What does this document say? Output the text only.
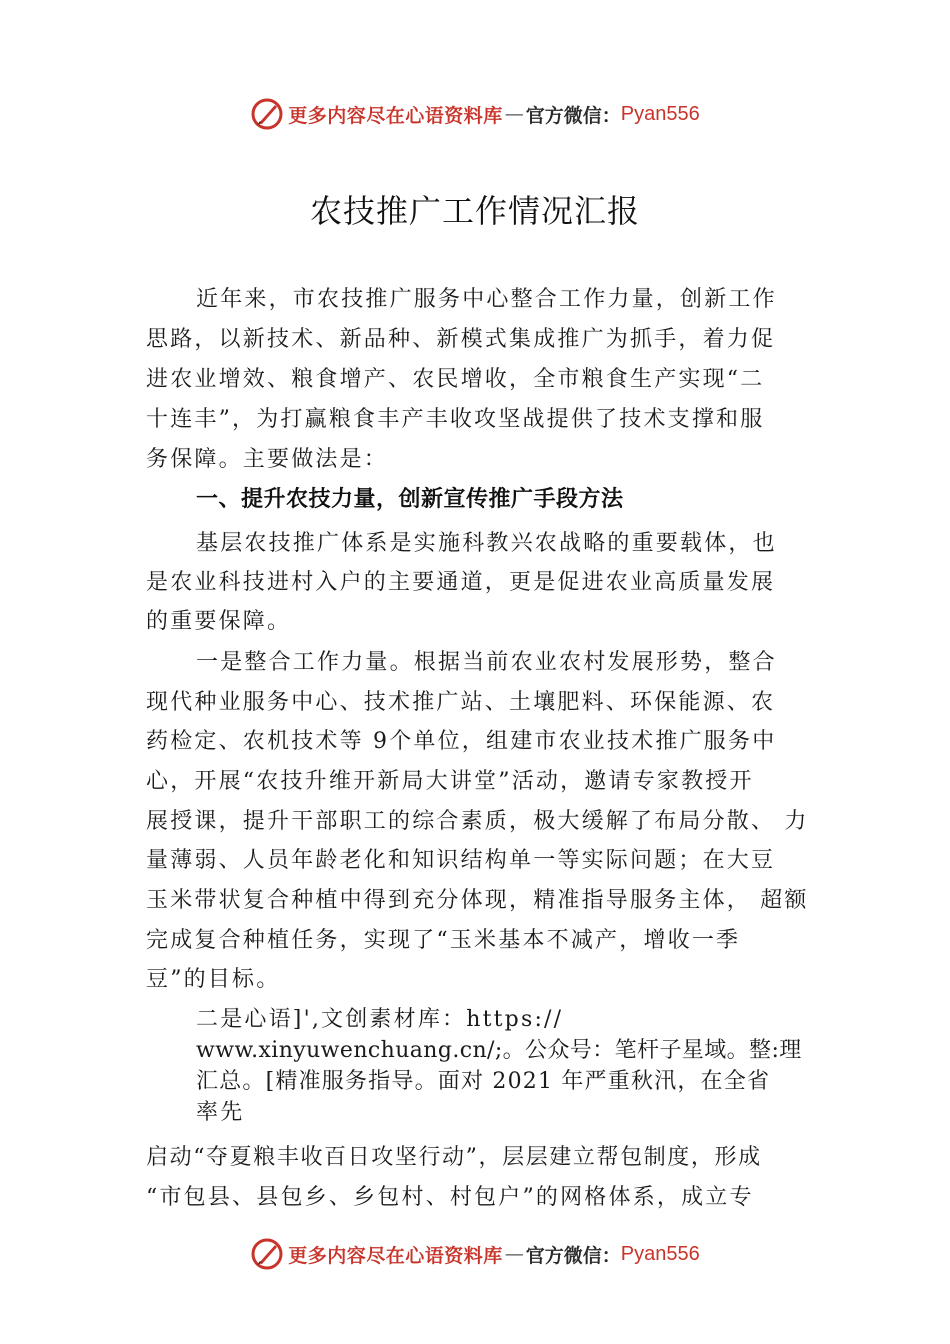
更多内容尽在心语资料库 — 官方微信： Pyan556
农技推广工作情况汇报
近年来，市农技推广服务中心整合工作力量，创新工作
思路，以新技术、新品种、新模式集成推广为抓手，着力促
进农业增效、粮食增产、农民增收，全市粮食生产实现“二
十连丰”，为打赢粮食丰产丰收攻坚战提供了技术支撑和服
务保障。主要做法是：
一、提升农技力量，创新宣传推广手段方法
基层农技推广体系是实施科教兴农战略的重要载体，也
是农业科技进村入户的主要通道，更是促进农业高质量发展
的重要保障。
一是整合工作力量。根据当前农业农村发展形势，整合
现代种业服务中心、技术推广站、土壤肥料、环保能源、农
药检定、农机技术等 9个单位，组建市农业技术推广服务中
心，开展“农技升维开新局大讲堂”活动，邀请专家教授开
展授课，提升干部职工的综合素质，极大缓解了布局分散、 力
量薄弱、人员年龄老化和知识结构单一等实际问题；在大豆
玉米带状复合种植中得到充分体现，精准指导服务主体， 超额
完成复合种植任务，实现了“玉米基本不减产，增收一季
豆”的目标。
二是心语]',文创素材库：https://
www.xinyuwenchuang.cn/;。公众号：笔杆子星域。整:理
汇总。[精准服务指导。面对 2021 年严重秋汛，在全省
率先
启动“夺夏粮丰收百日攻坚行动”，层层建立帮包制度，形成
“市包县、县包乡、乡包村、村包户”的网格体系，成立专
更多内容尽在心语资料库 — 官方微信： Pyan556
